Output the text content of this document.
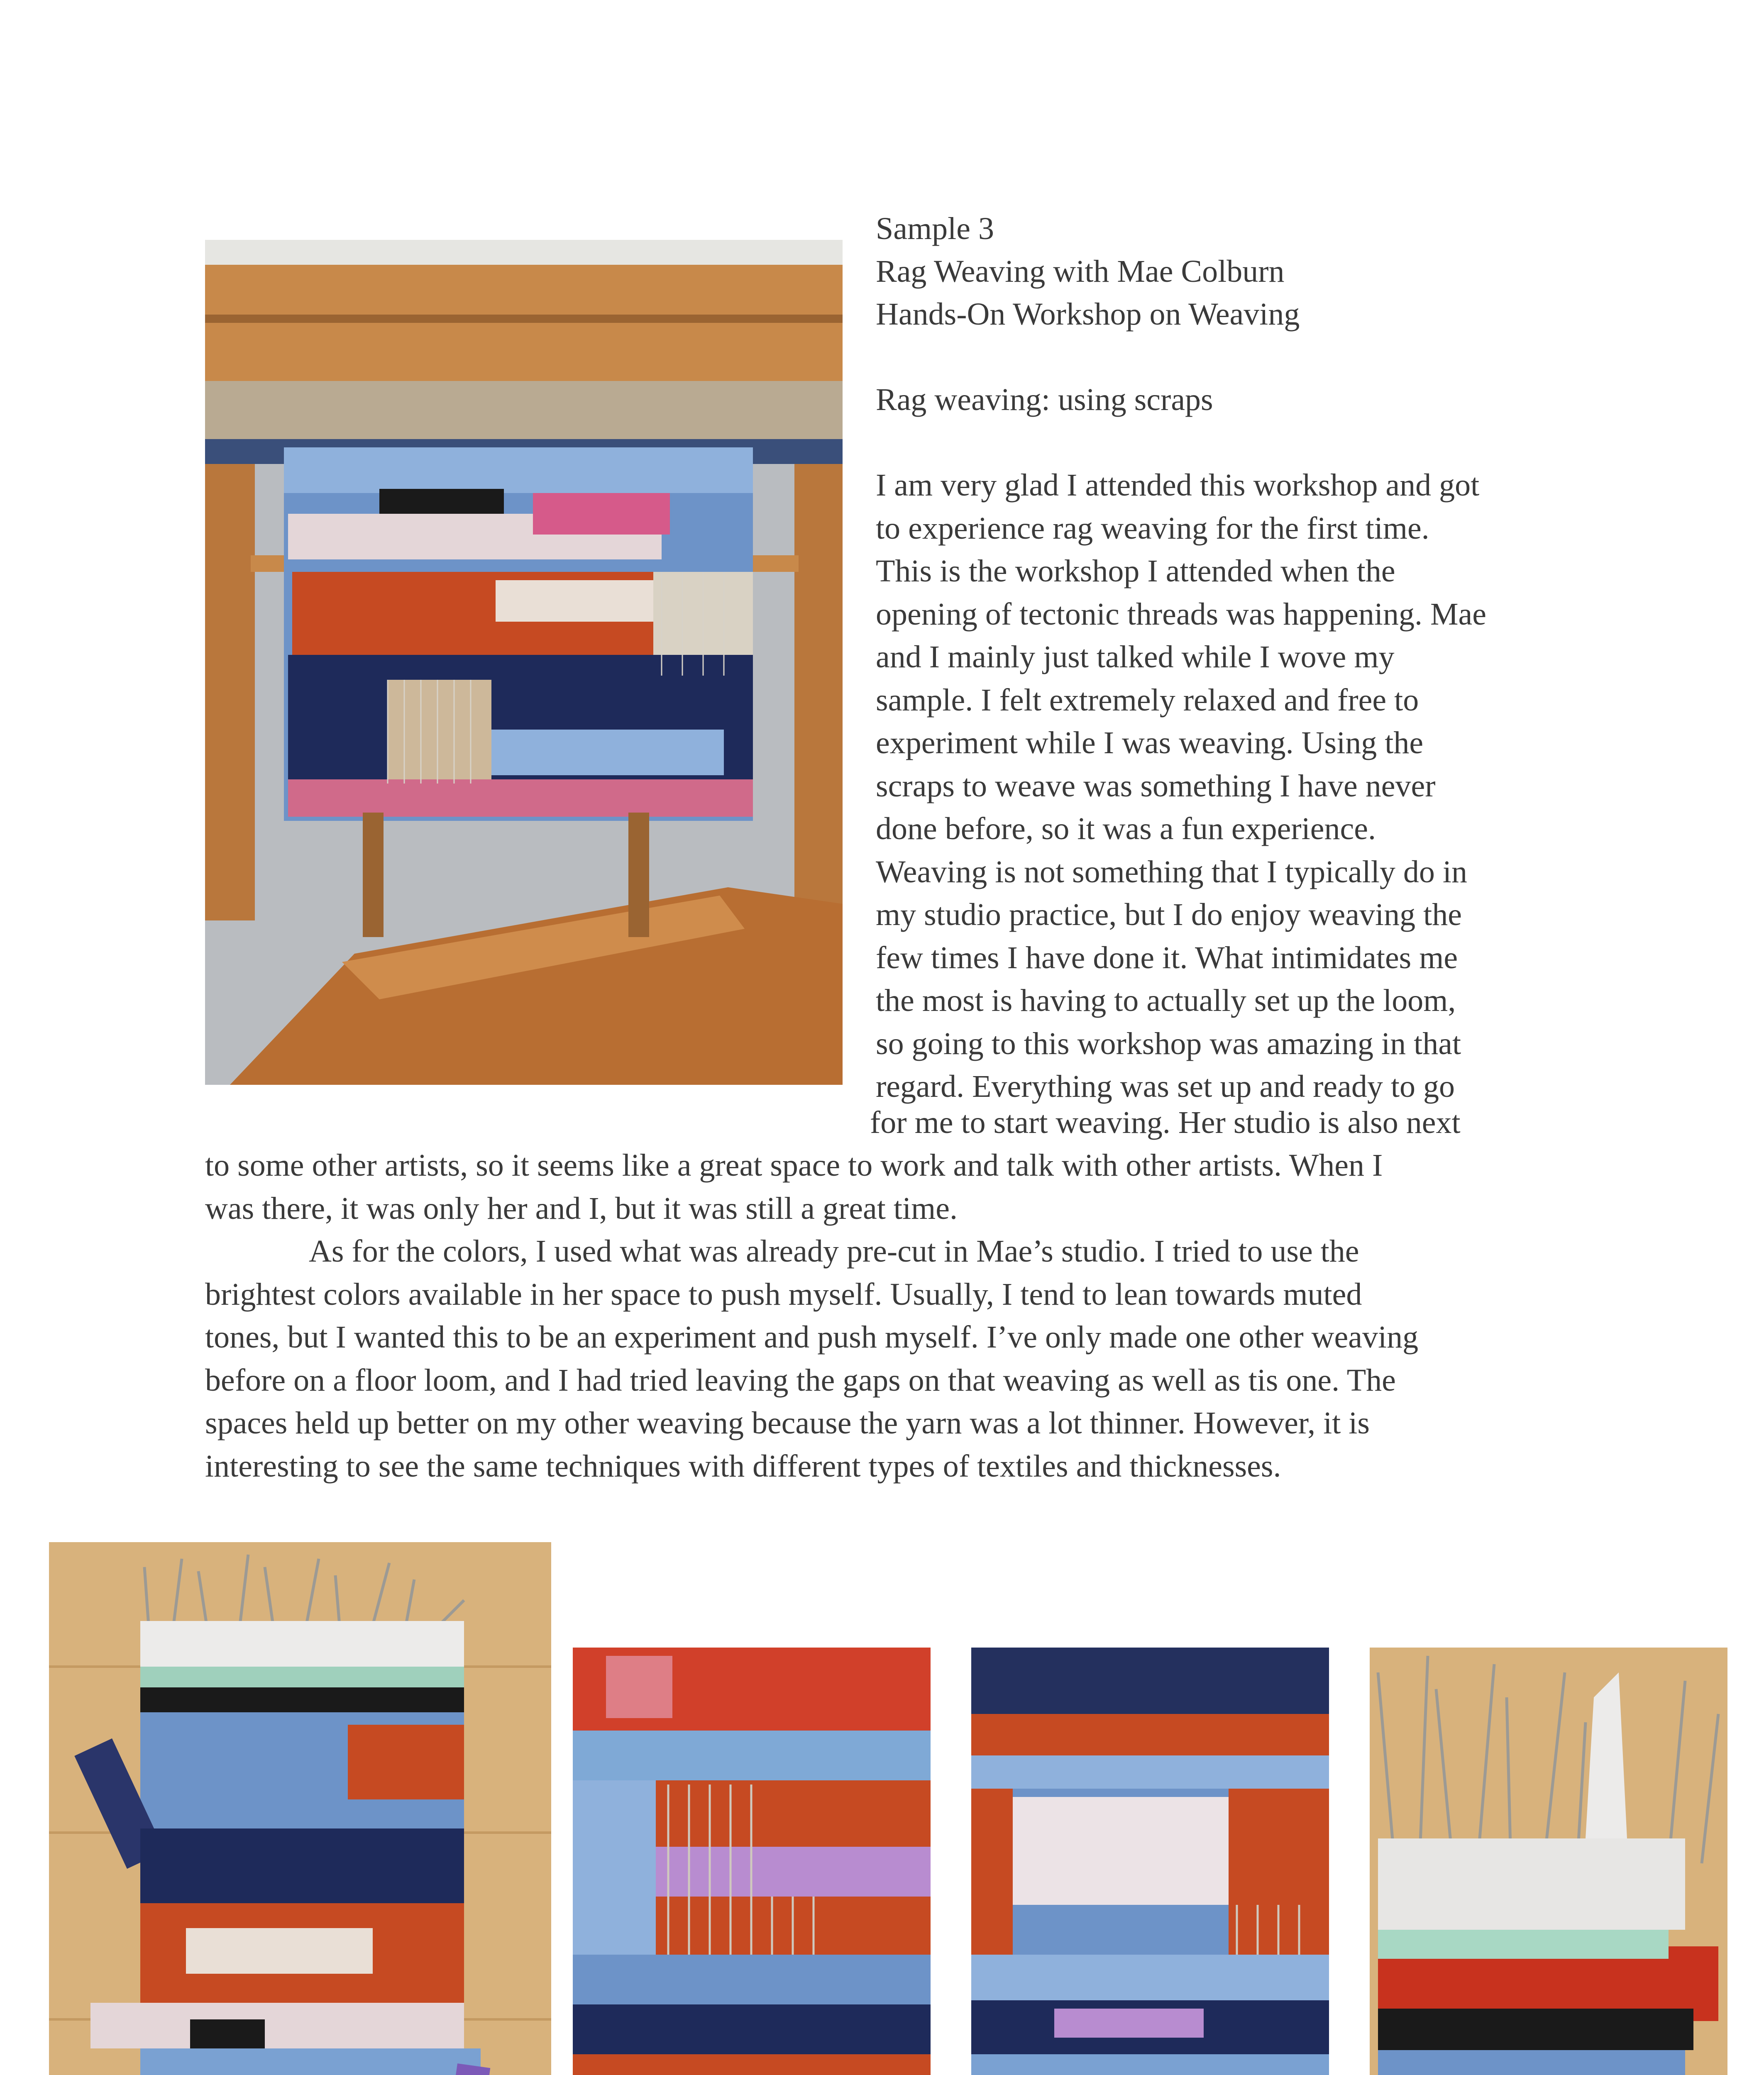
Sample 3
Rag Weaving with Mae Colburn
Hands-On Workshop on Weaving
Rag weaving: using scraps
I am very glad I attended this workshop and got
to experience rag weaving for the first time.
This is the workshop I attended when the
opening of tectonic threads was happening. Mae
and I mainly just talked while I wove my
sample. I felt extremely relaxed and free to
experiment while I was weaving. Using the
scraps to weave was something I have never
done before, so it was a fun experience.
Weaving is not something that I typically do in
my studio practice, but I do enjoy weaving the
few times I have done it. What intimidates me
the most is having to actually set up the loom,
so going to this workshop was amazing in that
regard. Everything was set up and ready to go
for me to start weaving. Her studio is also next
to some other artists, so it seems like a great space to work and talk with other artists. When I
was there, it was only her and I, but it was still a great time.
As for the colors, I used what was already pre-cut in Mae’s studio. I tried to use the
brightest colors available in her space to push myself. Usually, I tend to lean towards muted
tones, but I wanted this to be an experiment and push myself. I’ve only made one other weaving
before on a floor loom, and I had tried leaving the gaps on that weaving as well as tis one. The
spaces held up better on my other weaving because the yarn was a lot thinner. However, it is
interesting to see the same techniques with different types of textiles and thicknesses.
